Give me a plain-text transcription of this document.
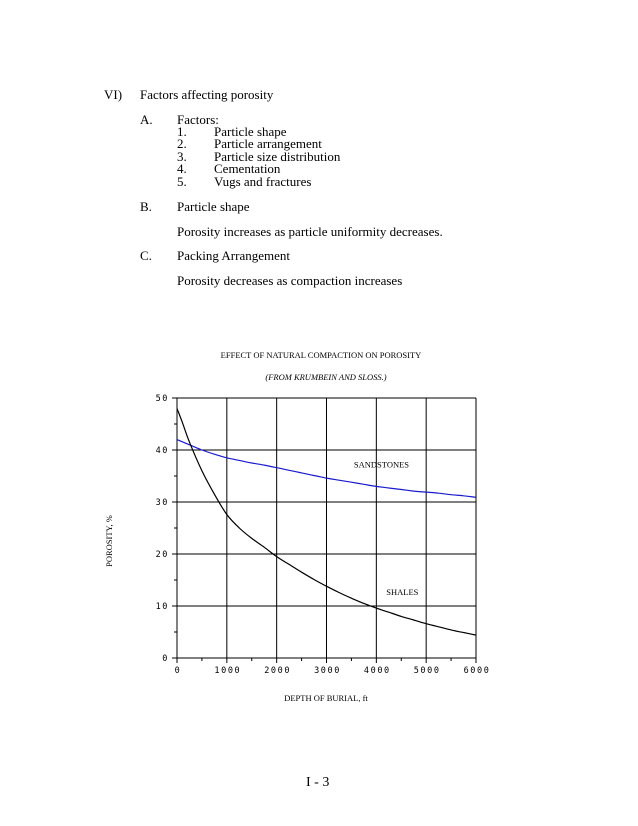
VI) Factors affecting porosity
A. Factors:
1. Particle shape
2. Particle arrangement
3. Particle size distribution
4. Cementation
5. Vugs and fractures
B. Particle shape
Porosity increases as particle uniformity decreases.
C. Packing Arrangement
Porosity decreases as compaction increases
EFFECT OF NATURAL COMPACTION ON POROSITY
(FROM KRUMBEIN AND SLOSS.)
0	1000	2000	3000	4000	5000	6000
0
10
20
30
40
50
SANDSTONES
SHALES
DEPTH OF BURIAL, ft
POROSITY, %
I - 3
